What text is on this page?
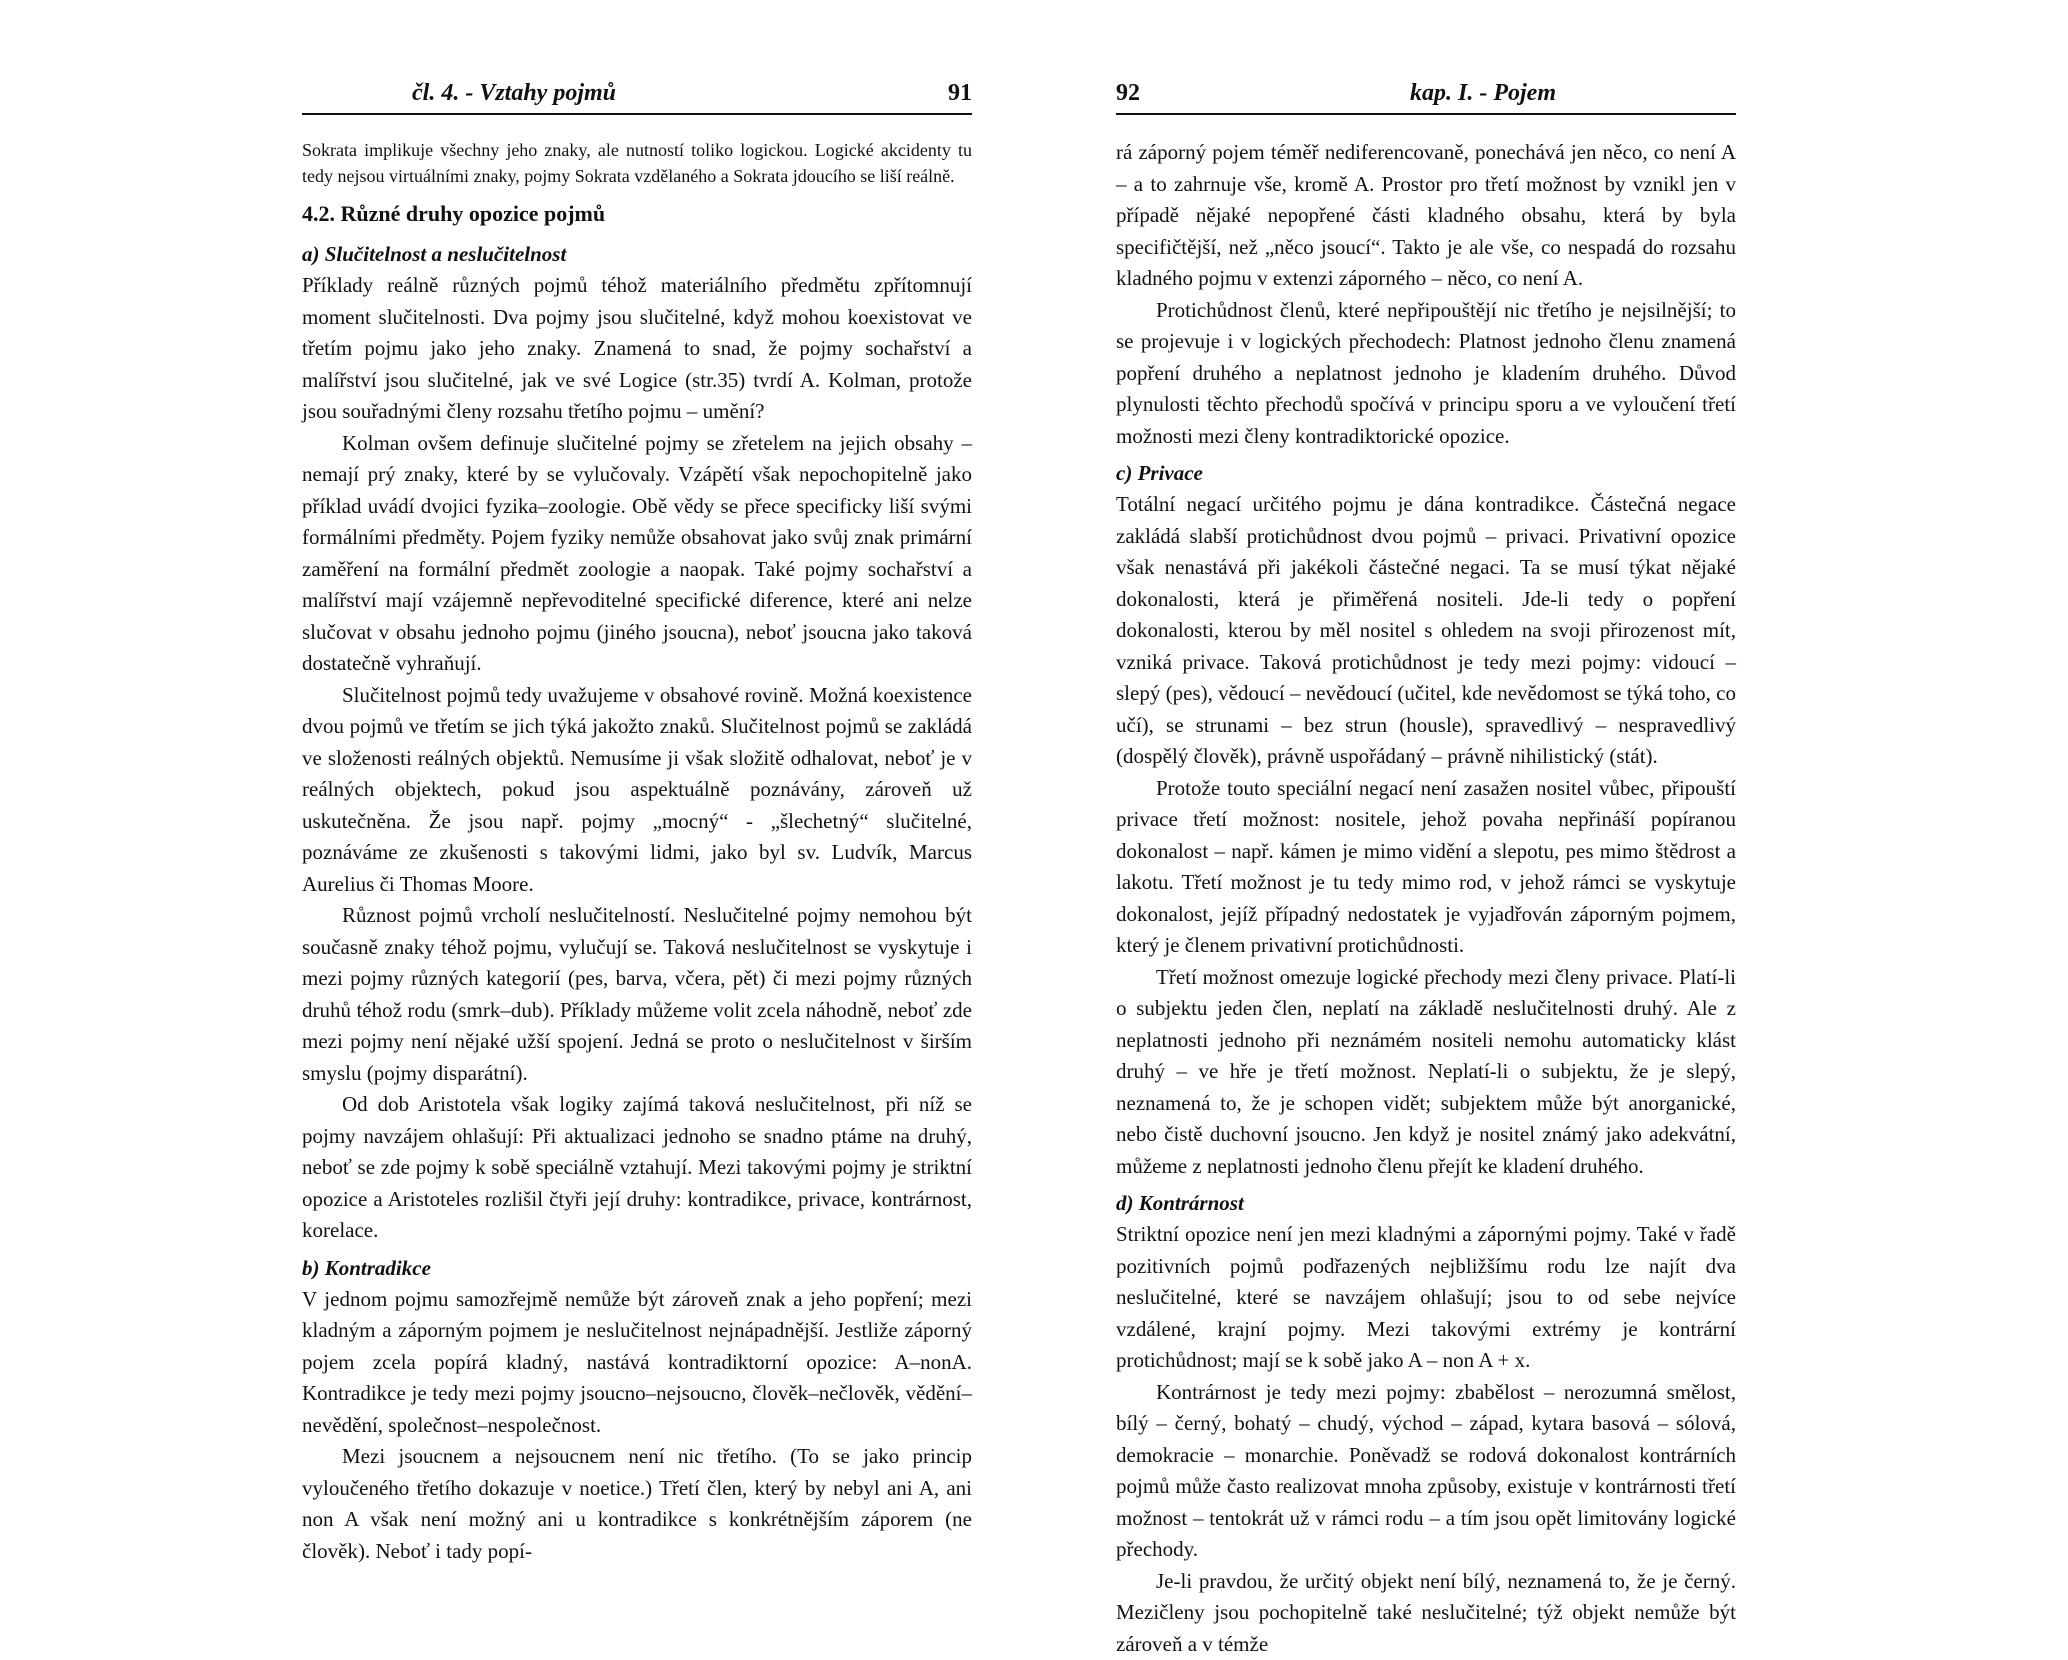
čl. 4. - Vztahy pojmů	91

Sokrata implikuje všechny jeho znaky, ale nutností toliko logickou. Logické akcidenty tu tedy nejsou virtuálními znaky, pojmy Sokrata vzdělaného a Sokrata jdoucího se liší reálně.

4.2. Různé druhy opozice pojmů
a) Slučitelnost a neslučitelnost

Příklady reálně různých pojmů téhož materiálního předmětu zpřítomnují moment slučitelnosti. Dva pojmy jsou slučitelné, když mohou koexistovat ve třetím pojmu jako jeho znaky. Znamená to snad, že pojmy sochařství a malířství jsou slučitelné, jak ve své Logice (str.35) tvrdí A. Kolman, protože jsou souřadnými členy rozsahu třetího pojmu – umění?

Kolman ovšem definuje slučitelné pojmy se zřetelem na jejich obsahy – nemají prý znaky, které by se vylučovaly. Vzápětí však nepochopitelně jako příklad uvádí dvojici fyzika–zoologie. Obě vědy se přece specificky liší svými formálními předměty. Pojem fyziky nemůže obsahovat jako svůj znak primární zaměření na formální předmět zoologie a naopak. Také pojmy sochařství a malířství mají vzájemně nepřevoditelné specifické diference, které ani nelze slučovat v obsahu jednoho pojmu (jiného jsoucna), neboť jsoucna jako taková dostatečně vyhraňují.

Slučitelnost pojmů tedy uvažujeme v obsahové rovině. Možná koexistence dvou pojmů ve třetím se jich týká jakožto znaků. Slučitelnost pojmů se zakládá ve složenosti reálných objektů. Nemusíme ji však složitě odhalovat, neboť je v reálných objektech, pokud jsou aspektuálně poznávány, zároveň už uskutečněna. Že jsou např. pojmy „mocný“ - „šlechetný“ slučitelné, poznáváme ze zkušenosti s takovými lidmi, jako byl sv. Ludvík, Marcus Aurelius či Thomas Moore.

Různost pojmů vrcholí neslučitelností. Neslučitelné pojmy nemohou být současně znaky téhož pojmu, vylučují se. Taková neslučitelnost se vyskytuje i mezi pojmy různých kategorií (pes, barva, včera, pět) či mezi pojmy různých druhů téhož rodu (smrk–dub). Příklady můžeme volit zcela náhodně, neboť zde mezi pojmy není nějaké užší spojení. Jedná se proto o neslučitelnost v širším smyslu (pojmy disparátní).

Od dob Aristotela však logiky zajímá taková neslučitelnost, při níž se pojmy navzájem ohlašují: Při aktualizaci jednoho se snadno ptáme na druhý, neboť se zde pojmy k sobě speciálně vztahují. Mezi takovými pojmy je striktní opozice a Aristoteles rozlišil čtyři její druhy: kontradikce, privace, kontrárnost, korelace.

b) Kontradikce

V jednom pojmu samozřejmě nemůže být zároveň znak a jeho popření; mezi kladným a záporným pojmem je neslučitelnost nejnápadnější. Jestliže záporný pojem zcela popírá kladný, nastává kontradiktorní opozice: A–nonA. Kontradikce je tedy mezi pojmy jsoucno–nejsoucno, člověk–nečlověk, vědění–nevědění, společnost–nespolečnost.

Mezi jsoucnem a nejsoucnem není nic třetího. (To se jako princip vyloučeného třetího dokazuje v noetice.) Třetí člen, který by nebyl ani A, ani non A však není možný ani u kontradikce s konkrétnějším záporem (ne člověk). Neboť i tady popí-

92	kap. I. - Pojem

rá záporný pojem téměř nediferencovaně, ponechává jen něco, co není A – a to zahrnuje vše, kromě A. Prostor pro třetí možnost by vznikl jen v případě nějaké nepopřené části kladného obsahu, která by byla specifičtější, než „něco jsoucí“. Takto je ale vše, co nespadá do rozsahu kladného pojmu v extenzi záporného – něco, co není A.

Protichůdnost členů, které nepřipouštějí nic třetího je nejsilnější; to se projevuje i v logických přechodech: Platnost jednoho členu znamená popření druhého a neplatnost jednoho je kladením druhého. Důvod plynulosti těchto přechodů spočívá v principu sporu a ve vyloučení třetí možnosti mezi členy kontradiktorické opozice.

c) Privace

Totální negací určitého pojmu je dána kontradikce. Částečná negace zakládá slabší protichůdnost dvou pojmů – privaci. Privativní opozice však nenastává při jakékoli částečné negaci. Ta se musí týkat nějaké dokonalosti, která je přiměřená nositeli. Jde-li tedy o popření dokonalosti, kterou by měl nositel s ohledem na svoji přirozenost mít, vzniká privace. Taková protichůdnost je tedy mezi pojmy: vidoucí – slepý (pes), vědoucí – nevědoucí (učitel, kde nevědomost se týká toho, co učí), se strunami – bez strun (housle), spravedlivý – nespravedlivý (dospělý člověk), právně uspořádaný – právně nihilistický (stát).

Protože touto speciální negací není zasažen nositel vůbec, připouští privace třetí možnost: nositele, jehož povaha nepřináší popíranou dokonalost – např. kámen je mimo vidění a slepotu, pes mimo štědrost a lakotu. Třetí možnost je tu tedy mimo rod, v jehož rámci se vyskytuje dokonalost, jejíž případný nedostatek je vyjadřován záporným pojmem, který je členem privativní protichůdnosti.

Třetí možnost omezuje logické přechody mezi členy privace. Platí-li o subjektu jeden člen, neplatí na základě neslučitelnosti druhý. Ale z neplatnosti jednoho při neznámém nositeli nemohu automaticky klást druhý – ve hře je třetí možnost. Neplatí-li o subjektu, že je slepý, neznamená to, že je schopen vidět; subjektem může být anorganické, nebo čistě duchovní jsoucno. Jen když je nositel známý jako adekvátní, můžeme z neplatnosti jednoho členu přejít ke kladení druhého.

d) Kontrárnost

Striktní opozice není jen mezi kladnými a zápornými pojmy. Také v řadě pozitivních pojmů podřazených nejbližšímu rodu lze najít dva neslučitelné, které se navzájem ohlašují; jsou to od sebe nejvíce vzdálené, krajní pojmy. Mezi takovými extrémy je kontrární protichůdnost; mají se k sobě jako A – non A + x.

Kontrárnost je tedy mezi pojmy: zbabělost – nerozumná smělost, bílý – černý, bohatý – chudý, východ – západ, kytara basová – sólová, demokracie – monarchie. Poněvadž se rodová dokonalost kontrárních pojmů může často realizovat mnoha způsoby, existuje v kontrárnosti třetí možnost – tentokrát už v rámci rodu – a tím jsou opět limitovány logické přechody.

Je-li pravdou, že určitý objekt není bílý, neznamená to, že je černý. Mezičleny jsou pochopitelně také neslučitelné; týž objekt nemůže být zároveň a v témže
